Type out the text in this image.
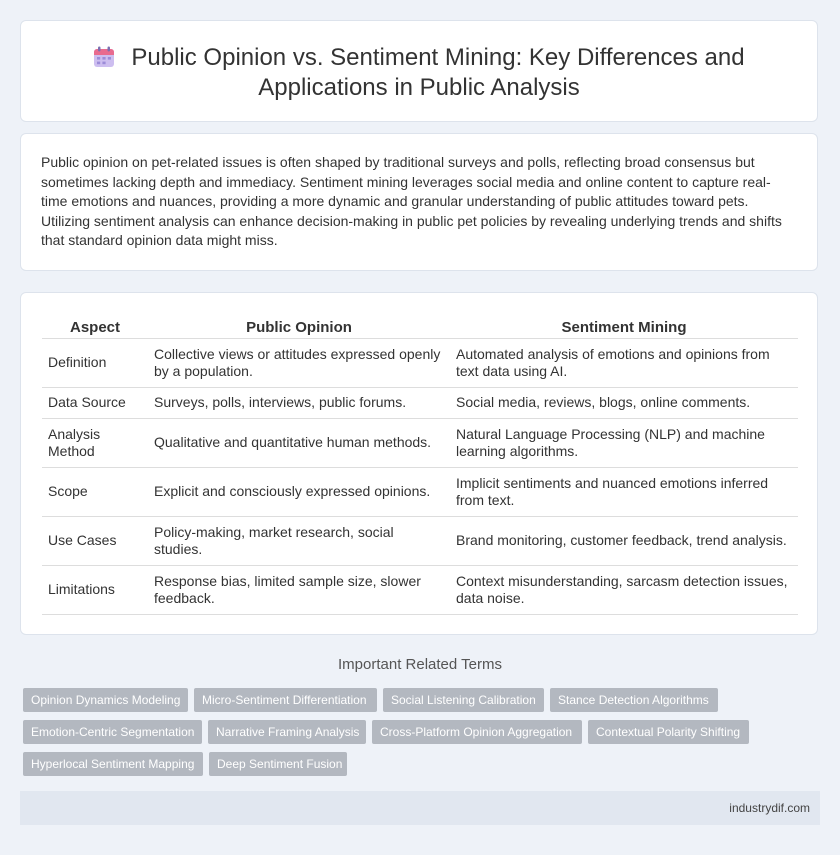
Public Opinion vs. Sentiment Mining: Key Differences and
Applications in Public Analysis

Public opinion on pet-related issues is often shaped by traditional surveys and polls, reflecting broad consensus but sometimes lacking depth and immediacy. Sentiment mining leverages social media and online content to capture real-time emotions and nuances, providing a more dynamic and granular understanding of public attitudes toward pets. Utilizing sentiment analysis can enhance decision-making in public pet policies by revealing underlying trends and shifts that standard opinion data might miss.

Aspect	Public Opinion	Sentiment Mining
Definition	Collective views or attitudes expressed openly by a population.	Automated analysis of emotions and opinions from text data using AI.
Data Source	Surveys, polls, interviews, public forums.	Social media, reviews, blogs, online comments.
Analysis Method	Qualitative and quantitative human methods.	Natural Language Processing (NLP) and machine learning algorithms.
Scope	Explicit and consciously expressed opinions.	Implicit sentiments and nuanced emotions inferred from text.
Use Cases	Policy-making, market research, social studies.	Brand monitoring, customer feedback, trend analysis.
Limitations	Response bias, limited sample size, slower feedback.	Context misunderstanding, sarcasm detection issues, data noise.
Important Related Terms
Opinion Dynamics Modeling	Micro-Sentiment Differentiation	Social Listening Calibration	Stance Detection Algorithms
Emotion-Centric Segmentation	Narrative Framing Analysis	Cross-Platform Opinion Aggregation	Contextual Polarity Shifting
Hyperlocal Sentiment Mapping	Deep Sentiment Fusion
industrydif.com
